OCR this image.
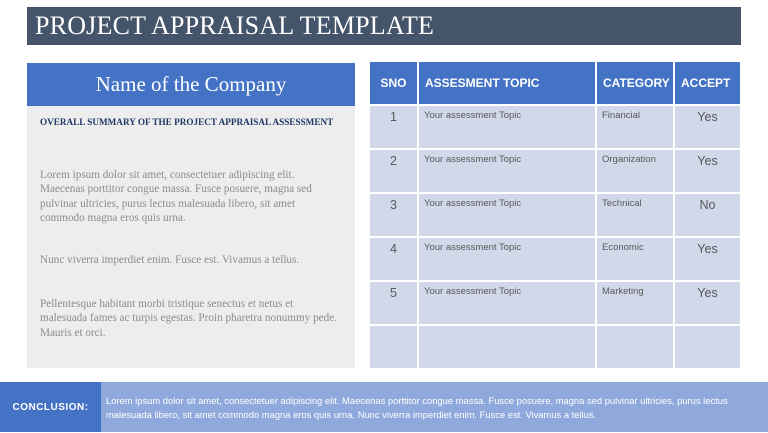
PROJECT APPRAISAL TEMPLATE
Name of the Company
OVERALL SUMMARY OF THE PROJECT APPRAISAL ASSESSMENT
Lorem ipsum dolor sit amet, consectetuer adipiscing elit. Maecenas porttitor congue massa. Fusce posuere, magna sed pulvinar ultricies, purus lectus malesuada libero, sit amet commodo magna eros quis urna.
Nunc viverra imperdiet enim. Fusce est. Vivamus a tellus.
Pellentesque habitant morbi tristique senectus et netus et malesuada fames ac turpis egestas. Proin pharetra nonummy pede. Mauris et orci.
SNO	ASSESMENT TOPIC	CATEGORY	ACCEPT
1	Your assessment Topic	Financial	Yes
2	Your assessment Topic	Organization	Yes
3	Your assessment Topic	Technical	No
4	Your assessment Topic	Economic	Yes
5	Your assessment Topic	Marketing	Yes

CONCLUSION:
Lorem ipsum dolor sit amet, consectetuer adipiscing elit. Maecenas porttitor congue massa. Fusce posuere, magna sed pulvinar ultricies, purus lectus malesuada libero, sit amet commodo magna eros quis urna. Nunc viverra imperdiet enim. Fusce est. Vivamus a tellus.
